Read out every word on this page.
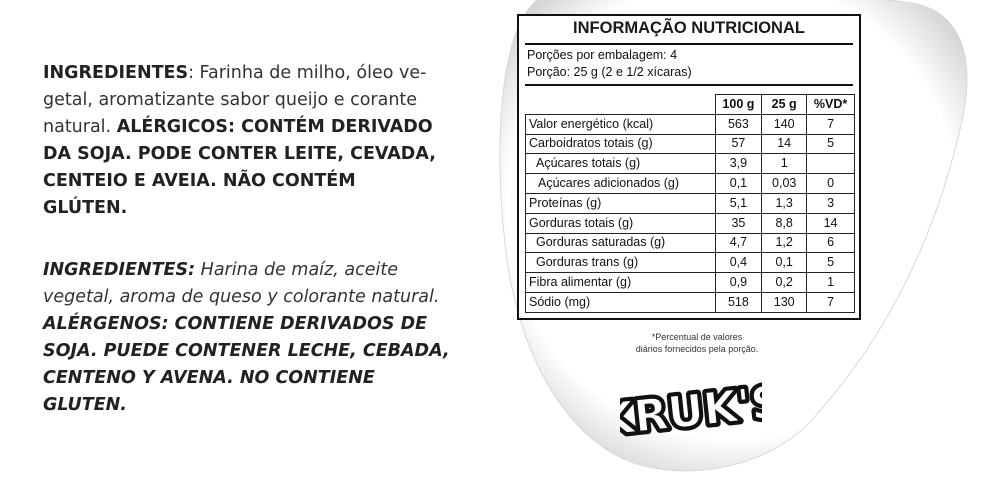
INGREDIENTES: Farinha de milho, óleo ve-
getal, aromatizante sabor queijo e corante
natural. ALÉRGICOS: CONTÉM DERIVADO
DA SOJA. PODE CONTER LEITE, CEVADA,
CENTEIO E AVEIA. NÃO CONTÉM
GLÚTEN.
INGREDIENTES: Harina de maíz, aceite
vegetal, aroma de queso y colorante natural.
ALÉRGENOS: CONTIENE DERIVADOS DE
SOJA. PUEDE CONTENER LECHE, CEBADA,
CENTENO Y AVENA. NO CONTIENE GLUTEN.
INFORMAÇÃO NUTRICIONAL
Porções por embalagem: 4
Porção: 25 g (2 e 1/2 xícaras)
	100 g	25 g	%VD*
Valor energético (kcal)	563	140	7
Carboidratos totais (g)	57	14	5
Açúcares totais (g)	3,9	1	
Açúcares adicionados (g)	0,1	0,03	0
Proteínas (g)	5,1	1,3	3
Gorduras totais (g)	35	8,8	14
Gorduras saturadas (g)	4,7	1,2	6
Gorduras trans (g)	0,4	0,1	5
Fibra alimentar (g)	0,9	0,2	1
Sódio (mg)	518	130	7
*Percentual de valores
diários fornecidos pela porção.
KRUK'S
KRUK'S
